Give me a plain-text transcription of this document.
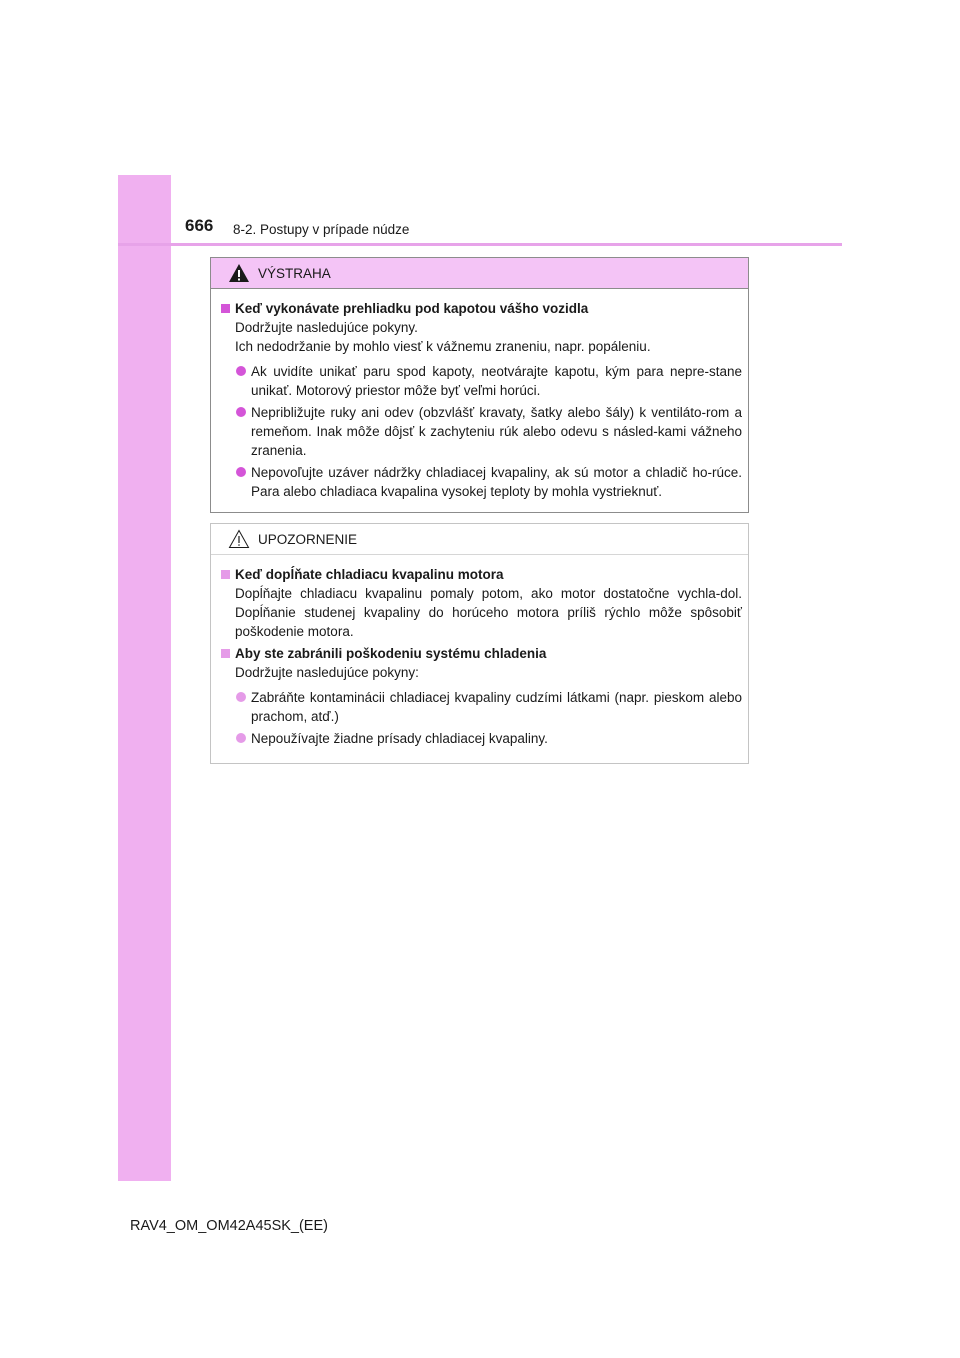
666 8-2. Postupy v prípade núdze
VÝSTRAHA
Keď vykonávate prehliadku pod kapotou vášho vozidla
Dodržujte nasledujúce pokyny.
Ich nedodržanie by mohlo viesť k vážnemu zraneniu, napr. popáleniu.
Ak uvidíte unikať paru spod kapoty, neotvárajte kapotu, kým para nepre-stane unikať. Motorový priestor môže byť veľmi horúci.
Nepribližujte ruky ani odev (obzvlášť kravaty, šatky alebo šály) k ventiláto-rom a remeňom. Inak môže dôjsť k zachyteniu rúk alebo odevu s násled-kami vážneho zranenia.
Nepovoľujte uzáver nádržky chladiacej kvapaliny, ak sú motor a chladič ho-rúce. Para alebo chladiaca kvapalina vysokej teploty by mohla vystrieknuť.
UPOZORNENIE
Keď dopĺňate chladiacu kvapalinu motora
Dopĺňajte chladiacu kvapalinu pomaly potom, ako motor dostatočne vychla-dol. Dopĺňanie studenej kvapaliny do horúceho motora príliš rýchlo môže spôsobiť poškodenie motora.
Aby ste zabránili poškodeniu systému chladenia
Dodržujte nasledujúce pokyny:
Zabráňte kontaminácii chladiacej kvapaliny cudzími látkami (napr. pieskom alebo prachom, atď.)
Nepoužívajte žiadne prísady chladiacej kvapaliny.
RAV4_OM_OM42A45SK_(EE)
